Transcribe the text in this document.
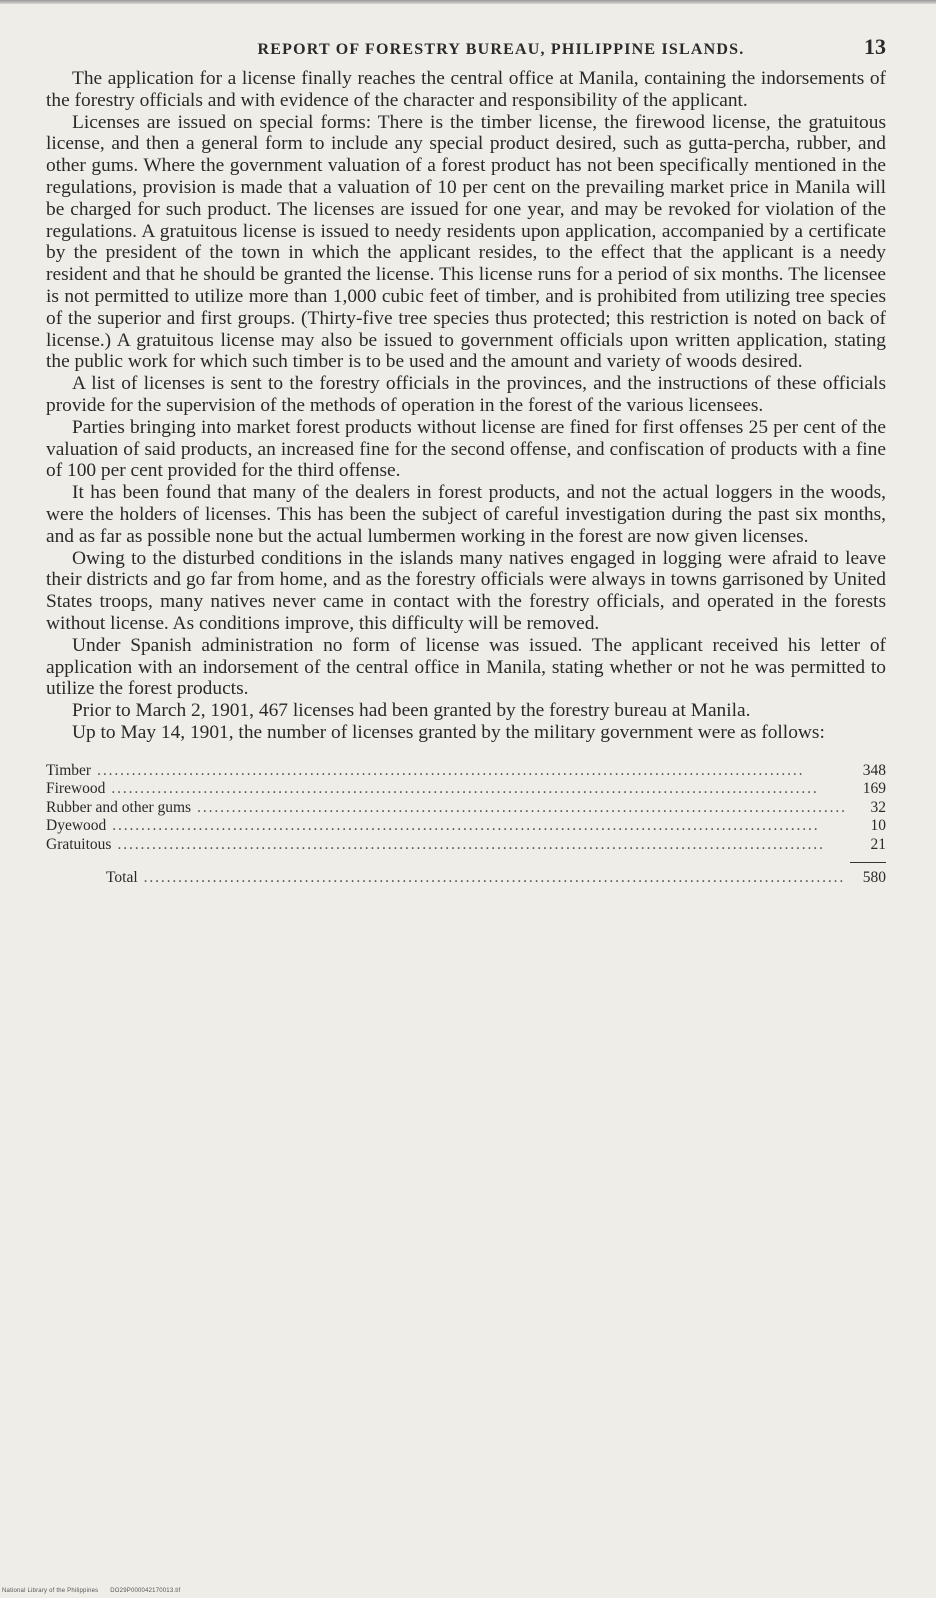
REPORT OF FORESTRY BUREAU, PHILIPPINE ISLANDS.	13

The application for a license finally reaches the central office at Manila, containing the indorsements of the forestry officials and with evidence of the character and responsibility of the applicant.

Licenses are issued on special forms: There is the timber license, the firewood license, the gratuitous license, and then a general form to include any special product desired, such as gutta-percha, rubber, and other gums. Where the government valuation of a forest product has not been specifically mentioned in the regulations, provision is made that a valuation of 10 per cent on the prevailing market price in Manila will be charged for such product. The licenses are issued for one year, and may be revoked for violation of the regulations. A gratuitous license is issued to needy residents upon application, accompanied by a certificate by the president of the town in which the applicant resides, to the effect that the applicant is a needy resident and that he should be granted the license. This license runs for a period of six months. The licensee is not permitted to utilize more than 1,000 cubic feet of timber, and is prohibited from utilizing tree species of the superior and first groups. (Thirty-five tree species thus protected; this restriction is noted on back of license.) A gratuitous license may also be issued to government officials upon written application, stating the public work for which such timber is to be used and the amount and variety of woods desired.

A list of licenses is sent to the forestry officials in the provinces, and the instructions of these officials provide for the supervision of the methods of operation in the forest of the various licensees.

Parties bringing into market forest products without license are fined for first offenses 25 per cent of the valuation of said products, an increased fine for the second offense, and confiscation of products with a fine of 100 per cent provided for the third offense.

It has been found that many of the dealers in forest products, and not the actual loggers in the woods, were the holders of licenses. This has been the subject of careful investigation during the past six months, and as far as possible none but the actual lumbermen working in the forest are now given licenses.

Owing to the disturbed conditions in the islands many natives engaged in logging were afraid to leave their districts and go far from home, and as the forestry officials were always in towns garrisoned by United States troops, many natives never came in contact with the forestry officials, and operated in the forests without license. As conditions improve, this difficulty will be removed.

Under Spanish administration no form of license was issued. The applicant received his letter of application with an indorsement of the central office in Manila, stating whether or not he was permitted to utilize the forest products.

Prior to March 2, 1901, 467 licenses had been granted by the forestry bureau at Manila.

Up to May 14, 1901, the number of licenses granted by the military government were as follows:

Timber . . .	348
Firewood . . .	169
Rubber and other gums . . .	32
Dyewood . . .	10
Gratuitous . . .	21
Total . . .	580
National Library of the Philippines DO29P000042170013.tif
